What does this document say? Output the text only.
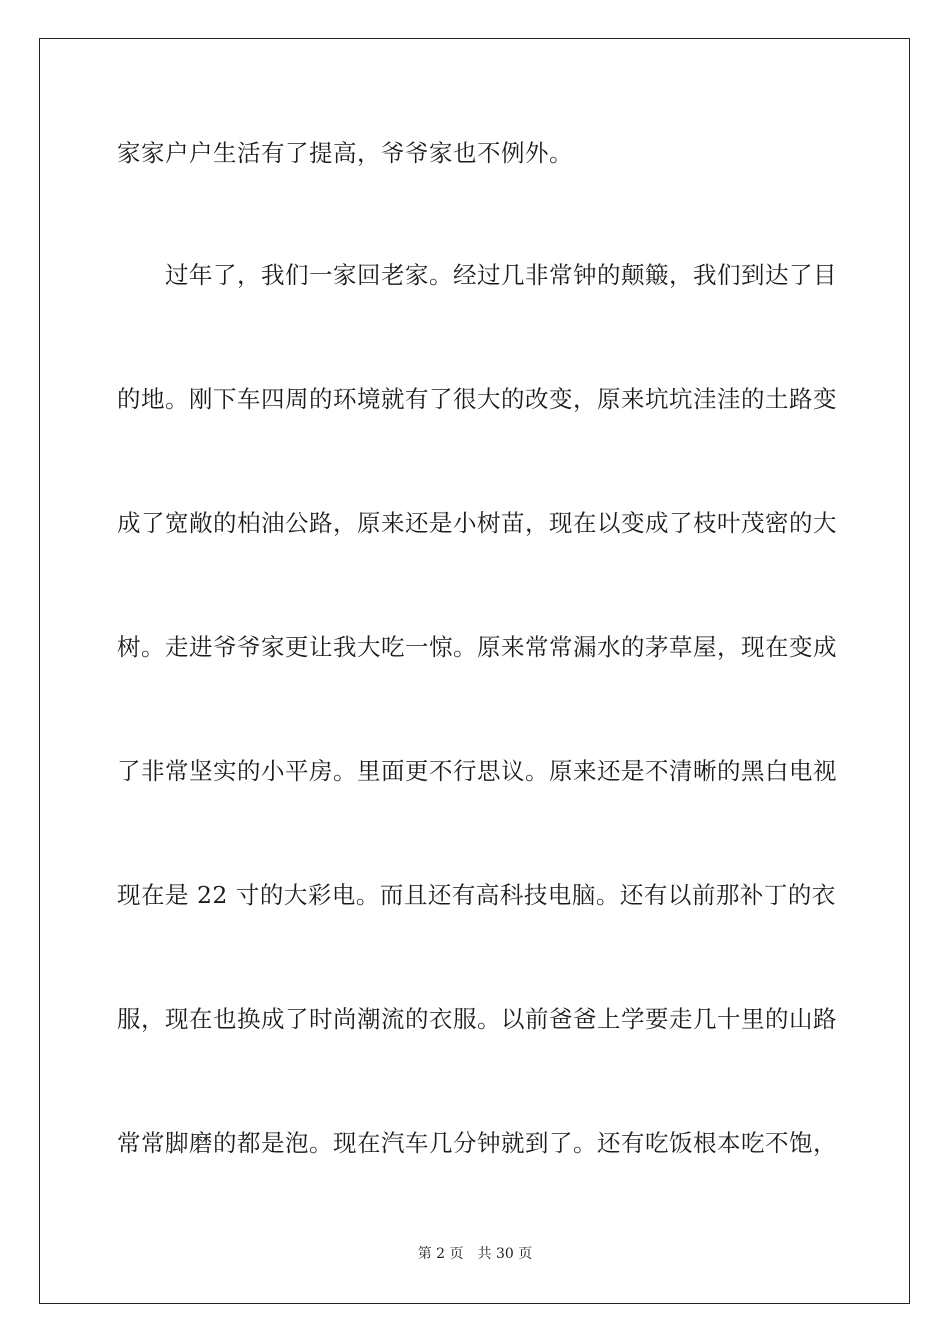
家家户户生活有了提高，爷爷家也不例外。
过年了，我们一家回老家。经过几非常钟的颠簸，我们到达了目
的地。刚下车四周的环境就有了很大的改变，原来坑坑洼洼的土路变
成了宽敞的柏油公路，原来还是小树苗，现在以变成了枝叶茂密的大
树。走进爷爷家更让我大吃一惊。原来常常漏水的茅草屋，现在变成
了非常坚实的小平房。里面更不行思议。原来还是不清晰的黑白电视
现在是 22 寸的大彩电。而且还有高科技电脑。还有以前那补丁的衣
服，现在也换成了时尚潮流的衣服。以前爸爸上学要走几十里的山路
常常脚磨的都是泡。现在汽车几分钟就到了。还有吃饭根本吃不饱，
第 2 页 共 30 页
